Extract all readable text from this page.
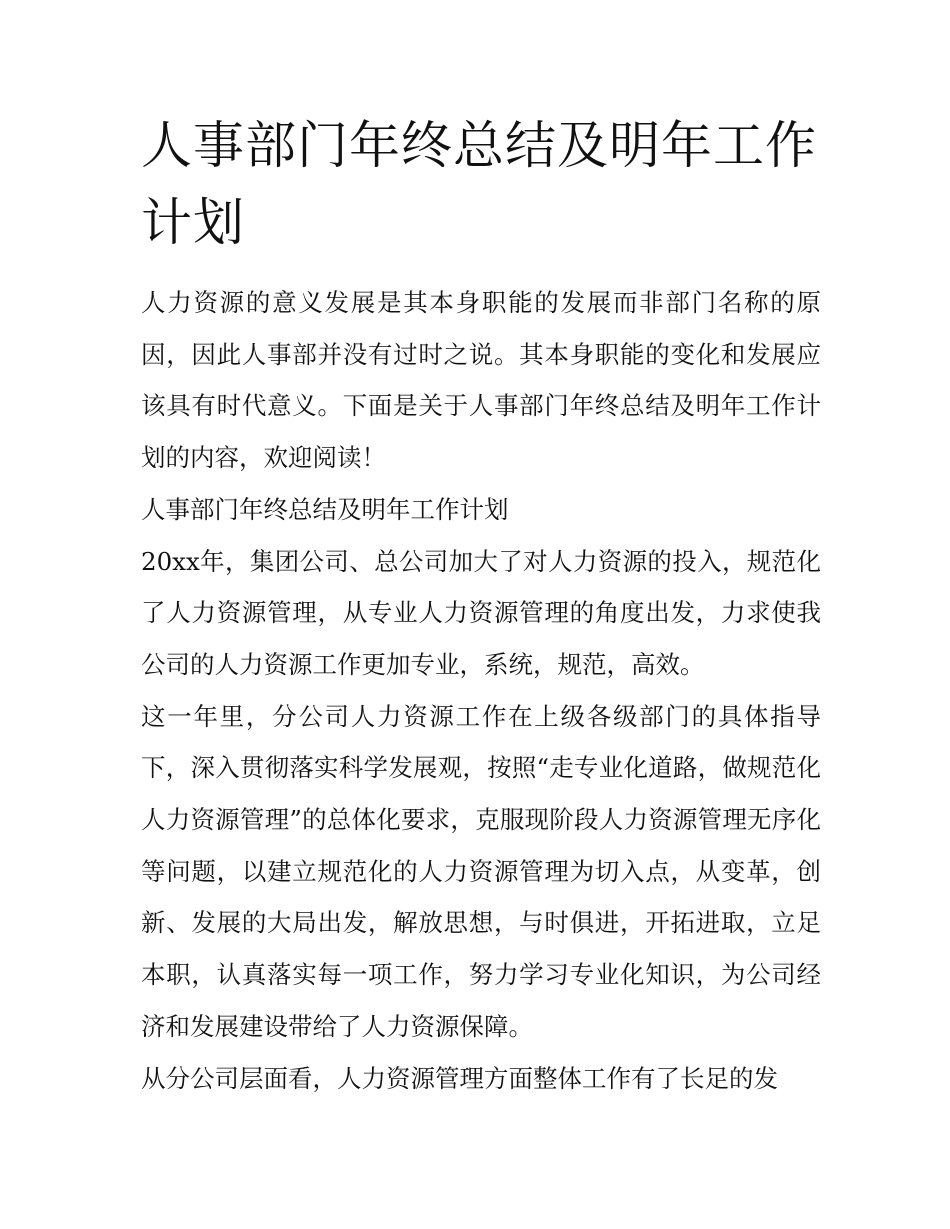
人事部门年终总结及明年工作计划

人力资源的意义发展是其本身职能的发展而非部门名称的原因，因此人事部并没有过时之说。其本身职能的变化和发展应该具有时代意义。下面是关于人事部门年终总结及明年工作计划的内容，欢迎阅读！

人事部门年终总结及明年工作计划

20xx年，集团公司、总公司加大了对人力资源的投入，规范化了人力资源管理，从专业人力资源管理的角度出发，力求使我公司的人力资源工作更加专业，系统，规范，高效。

这一年里，分公司人力资源工作在上级各级部门的具体指导下，深入贯彻落实科学发展观，按照“走专业化道路，做规范化人力资源管理”的总体化要求，克服现阶段人力资源管理无序化等问题，以建立规范化的人力资源管理为切入点，从变革，创新、发展的大局出发，解放思想，与时俱进，开拓进取，立足本职，认真落实每一项工作，努力学习专业化知识，为公司经济和发展建设带给了人力资源保障。

从分公司层面看，人力资源管理方面整体工作有了长足的发
